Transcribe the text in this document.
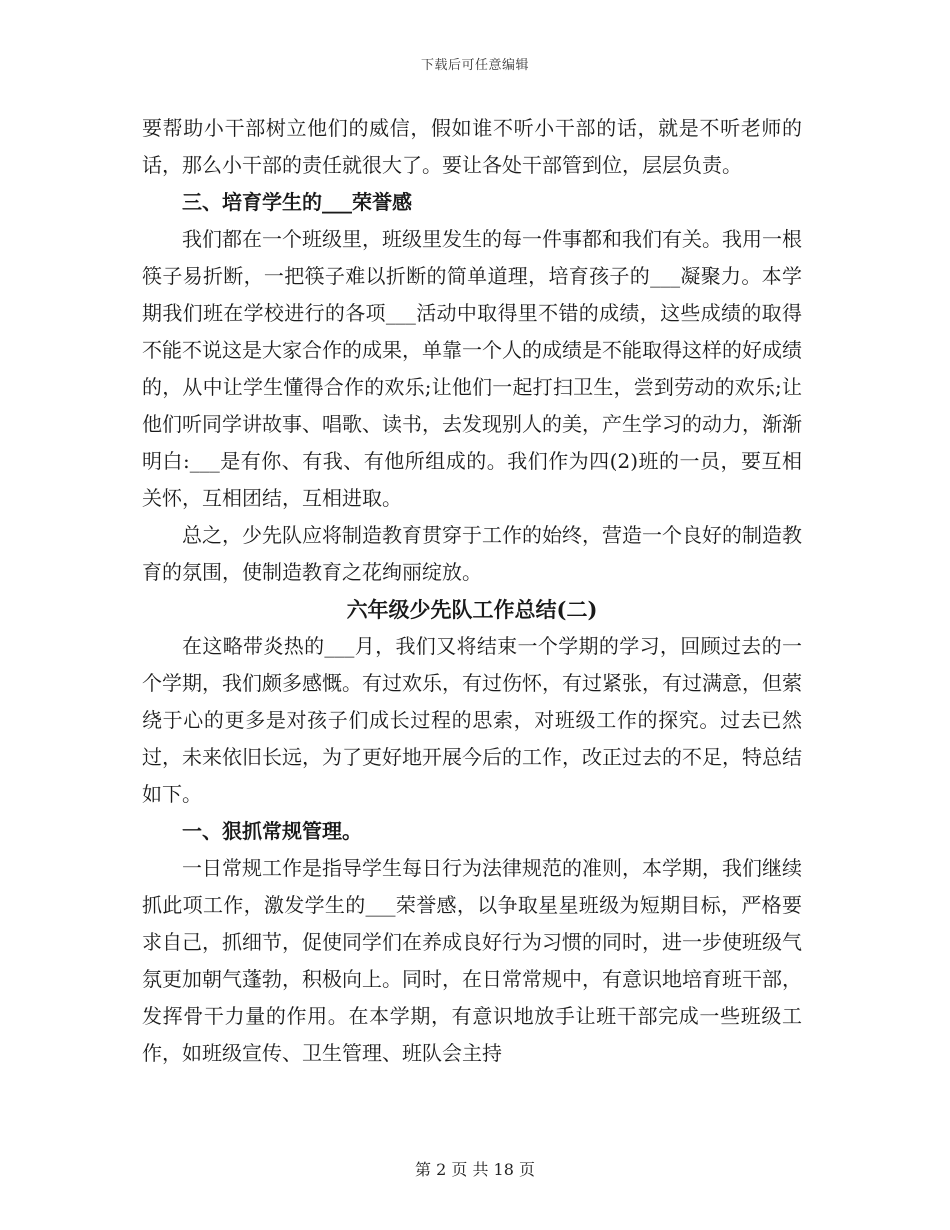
下载后可任意编辑

要帮助小干部树立他们的威信，假如谁不听小干部的话，就是不听老师的话，那么小干部的责任就很大了。要让各处干部管到位，层层负责。

三、培育学生的___荣誉感

我们都在一个班级里，班级里发生的每一件事都和我们有关。我用一根筷子易折断，一把筷子难以折断的简单道理，培育孩子的___凝聚力。本学期我们班在学校进行的各项___活动中取得里不错的成绩，这些成绩的取得不能不说这是大家合作的成果，单靠一个人的成绩是不能取得这样的好成绩的，从中让学生懂得合作的欢乐;让他们一起打扫卫生，尝到劳动的欢乐;让他们听同学讲故事、唱歌、读书，去发现别人的美，产生学习的动力，渐渐明白:___是有你、有我、有他所组成的。我们作为四(2)班的一员，要互相关怀，互相团结，互相进取。

总之，少先队应将制造教育贯穿于工作的始终，营造一个良好的制造教育的氛围，使制造教育之花绚丽绽放。

六年级少先队工作总结(二)

在这略带炎热的___月，我们又将结束一个学期的学习，回顾过去的一个学期，我们颇多感慨。有过欢乐，有过伤怀，有过紧张，有过满意，但萦绕于心的更多是对孩子们成长过程的思索，对班级工作的探究。过去已然过，未来依旧长远，为了更好地开展今后的工作，改正过去的不足，特总结如下。

一、狠抓常规管理。

一日常规工作是指导学生每日行为法律规范的准则，本学期，我们继续抓此项工作，激发学生的___荣誉感，以争取星星班级为短期目标，严格要求自己，抓细节，促使同学们在养成良好行为习惯的同时，进一步使班级气氛更加朝气蓬勃，积极向上。同时，在日常常规中，有意识地培育班干部，发挥骨干力量的作用。在本学期，有意识地放手让班干部完成一些班级工作，如班级宣传、卫生管理、班队会主持

第 2 页 共 18 页
